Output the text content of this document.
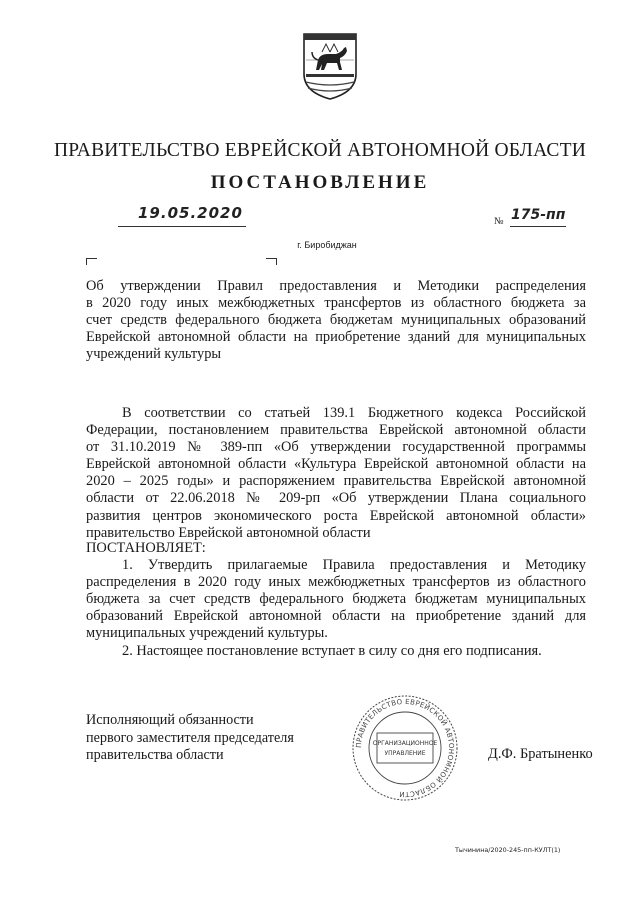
ПРАВИТЕЛЬСТВО ЕВРЕЙСКОЙ АВТОНОМНОЙ ОБЛАСТИ
ПОСТАНОВЛЕНИЕ
19.05.2020	№ 175-пп
г. Биробиджан
Об утверждении Правил предоставления и Методики распределения
в 2020 году иных межбюджетных трансфертов из областного бюджета за
счет средств федерального бюджета бюджетам муниципальных образований
Еврейской автономной области на приобретение зданий для муниципальных
учреждений культуры
В соответствии со статьей 139.1 Бюджетного кодекса Российской
Федерации, постановлением правительства Еврейской автономной области
от 31.10.2019 № 389-пп «Об утверждении государственной программы
Еврейской автономной области «Культура Еврейской автономной области на
2020 – 2025 годы» и распоряжением правительства Еврейской автономной
области от 22.06.2018 № 209-рп «Об утверждении Плана социального
развития центров экономического роста Еврейской автономной области»
правительство Еврейской автономной области
ПОСТАНОВЛЯЕТ:
1. Утвердить прилагаемые Правила предоставления и Методику
распределения в 2020 году иных межбюджетных трансфертов из областного
бюджета за счет средств федерального бюджета бюджетам муниципальных
образований Еврейской автономной области на приобретение зданий для
муниципальных учреждений культуры.
2. Настоящее постановление вступает в силу со дня его подписания.
Исполняющий обязанности
первого заместителя председателя
правительства области
ПРАВИТЕЛЬСТВО ЕВРЕЙСКОЙ АВТОНОМНОЙ ОБЛАСТИ
ОРГАНИЗАЦИОННОЕ
УПРАВЛЕНИЕ	Д.Ф. Братыненко
Тычинина/2020-245-пп-КУЛТ(1)
